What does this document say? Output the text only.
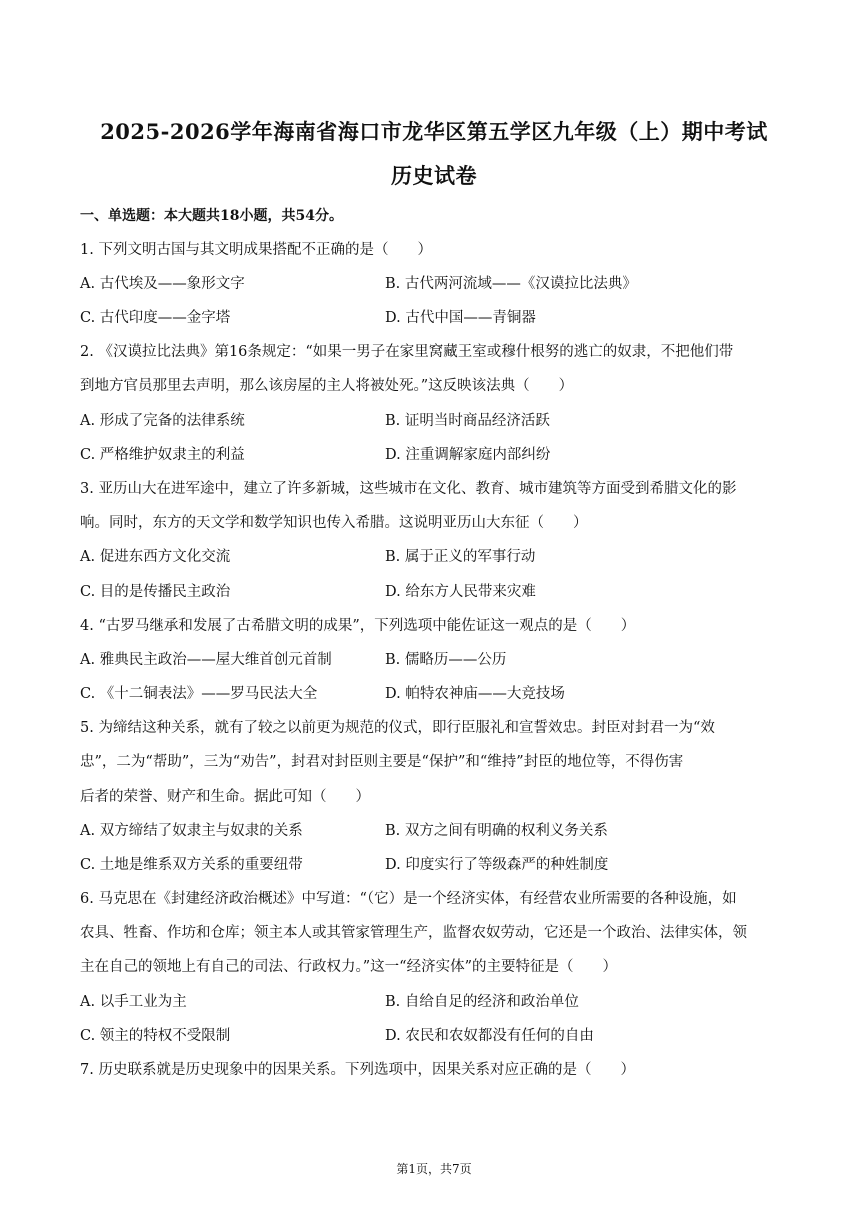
2025-2026学年海南省海口市龙华区第五学区九年级（上）期中考试
历史试卷
一、单选题：本大题共18小题，共54分。
1. 下列文明古国与其文明成果搭配不正确的是（　　）
A. 古代埃及——象形文字	B. 古代两河流域——《汉谟拉比法典》
C. 古代印度——金字塔	D. 古代中国——青铜器
2. 《汉谟拉比法典》第16条规定：“如果一男子在家里窝藏王室或穆什根努的逃亡的奴隶，不把他们带
到地方官员那里去声明，那么该房屋的主人将被处死。”这反映该法典（　　）
A. 形成了完备的法律系统	B. 证明当时商品经济活跃
C. 严格维护奴隶主的利益	D. 注重调解家庭内部纠纷
3. 亚历山大在进军途中，建立了许多新城，这些城市在文化、教育、城市建筑等方面受到希腊文化的影
响。同时，东方的天文学和数学知识也传入希腊。这说明亚历山大东征（　　）
A. 促进东西方文化交流	B. 属于正义的军事行动
C. 目的是传播民主政治	D. 给东方人民带来灾难
4. “古罗马继承和发展了古希腊文明的成果”，下列选项中能佐证这一观点的是（　　）
A. 雅典民主政治——屋大维首创元首制	B. 儒略历——公历
C. 《十二铜表法》——罗马民法大全	D. 帕特农神庙——大竞技场
5. 为缔结这种关系，就有了较之以前更为规范的仪式，即行臣服礼和宣誓效忠。封臣对封君一为“效
忠”，二为“帮助”，三为“劝告”，封君对封臣则主要是“保护”和“维持”封臣的地位等，不得伤害
后者的荣誉、财产和生命。据此可知（　　）
A. 双方缔结了奴隶主与奴隶的关系	B. 双方之间有明确的权利义务关系
C. 土地是维系双方关系的重要纽带	D. 印度实行了等级森严的种姓制度
6. 马克思在《封建经济政治概述》中写道：“（它）是一个经济实体，有经营农业所需要的各种设施，如
农具、牲畜、作坊和仓库；领主本人或其管家管理生产，监督农奴劳动，它还是一个政治、法律实体，领
主在自己的领地上有自己的司法、行政权力。”这一“经济实体”的主要特征是（　　）
A. 以手工业为主	B. 自给自足的经济和政治单位
C. 领主的特权不受限制	D. 农民和农奴都没有任何的自由
7. 历史联系就是历史现象中的因果关系。下列选项中，因果关系对应正确的是（　　）
第1页，共7页
